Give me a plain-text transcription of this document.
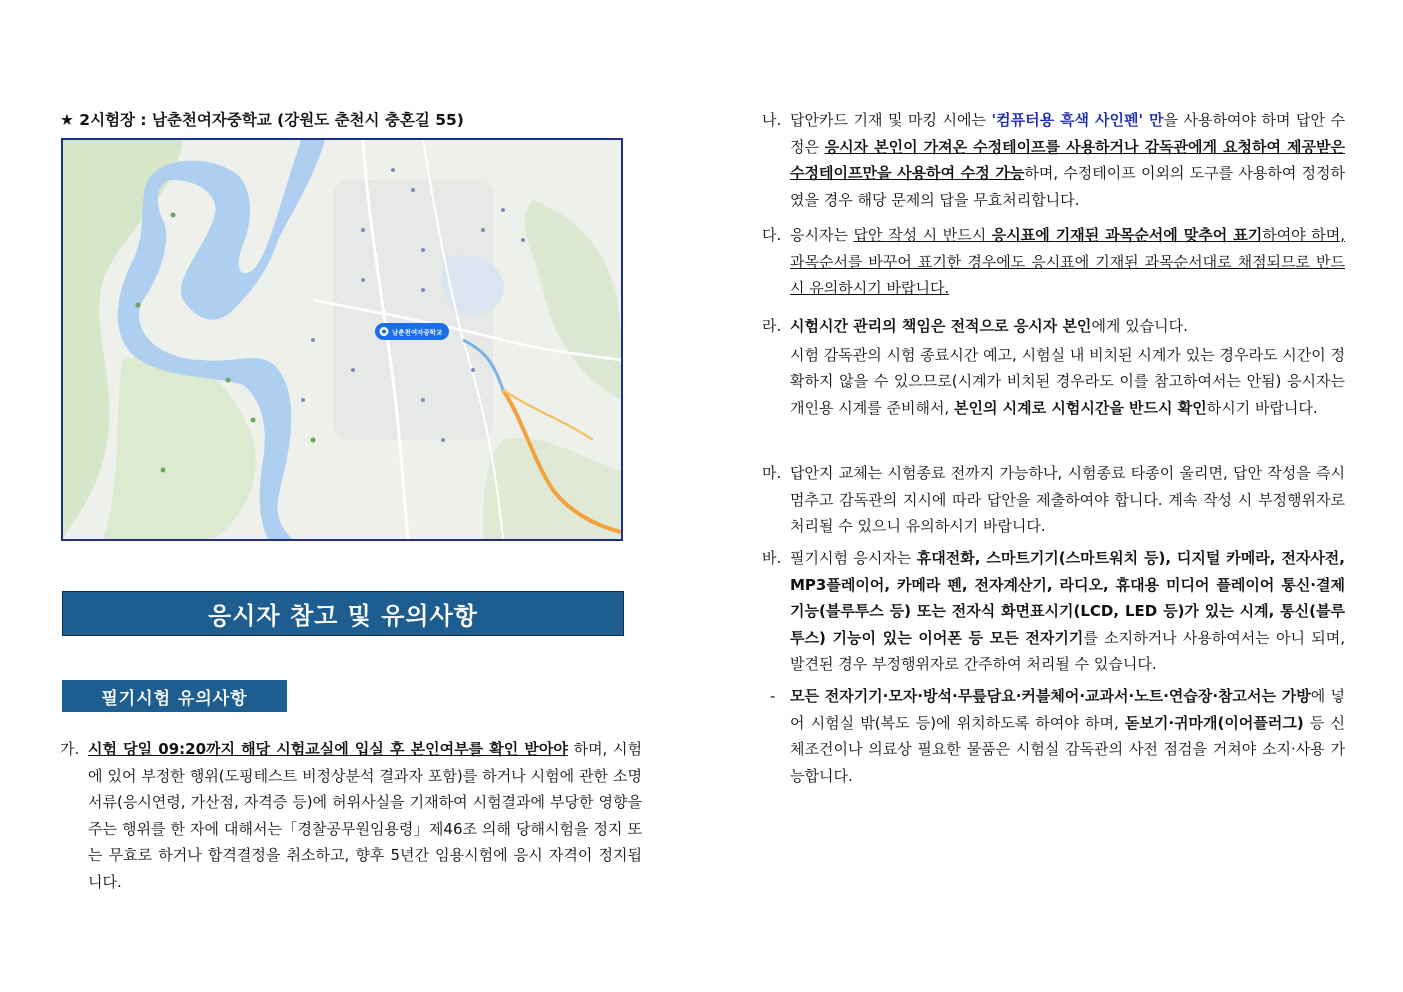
★ 2시험장 : 남춘천여자중학교 (강원도 춘천시 충혼길 55)
남춘천여자중학교
응시자 참고 및 유의사항
필기시험 유의사항
가. 시험 당일 09:20까지 해당 시험교실에 입실 후 본인여부를 확인 받아야 하며, 시험에 있어 부정한 행위(도핑테스트 비정상분석 결과자 포함)를 하거나 시험에 관한 소명서류(응시연령, 가산점, 자격증 등)에 허위사실을 기재하여 시험결과에 부당한 영향을 주는 행위를 한 자에 대해서는「경찰공무원임용령」제46조 의해 당해시험을 정지 또는 무효로 하거나 합격결정을 취소하고, 향후 5년간 임용시험에 응시 자격이 정지됩니다.
나. 답안카드 기재 및 마킹 시에는 '컴퓨터용 흑색 사인펜' 만을 사용하여야 하며 답안 수정은 응시자 본인이 가져온 수정테이프를 사용하거나 감독관에게 요청하여 제공받은 수정테이프만을 사용하여 수정 가능하며, 수정테이프 이외의 도구를 사용하여 정정하였을 경우 해당 문제의 답을 무효처리합니다.
다. 응시자는 답안 작성 시 반드시 응시표에 기재된 과목순서에 맞추어 표기하여야 하며, 과목순서를 바꾸어 표기한 경우에도 응시표에 기재된 과목순서대로 채점되므로 반드시 유의하시기 바랍니다.
라. 시험시간 관리의 책임은 전적으로 응시자 본인에게 있습니다.
시험 감독관의 시험 종료시간 예고, 시험실 내 비치된 시계가 있는 경우라도 시간이 정확하지 않을 수 있으므로(시계가 비치된 경우라도 이를 참고하여서는 안됨) 응시자는 개인용 시계를 준비해서, 본인의 시계로 시험시간을 반드시 확인하시기 바랍니다.
마. 답안지 교체는 시험종료 전까지 가능하나, 시험종료 타종이 울리면, 답안 작성을 즉시 멈추고 감독관의 지시에 따라 답안을 제출하여야 합니다. 계속 작성 시 부정행위자로 처리될 수 있으니 유의하시기 바랍니다.
바. 필기시험 응시자는 휴대전화, 스마트기기(스마트워치 등), 디지털 카메라, 전자사전, MP3플레이어, 카메라 펜, 전자계산기, 라디오, 휴대용 미디어 플레이어 통신·결제 기능(블루투스 등) 또는 전자식 화면표시기(LCD, LED 등)가 있는 시계, 통신(블루투스) 기능이 있는 이어폰 등 모든 전자기기를 소지하거나 사용하여서는 아니 되며, 발견된 경우 부정행위자로 간주하여 처리될 수 있습니다.
- 모든 전자기기·모자·방석·무릎담요·커블체어·교과서·노트·연습장·참고서는 가방에 넣어 시험실 밖(복도 등)에 위치하도록 하여야 하며, 돋보기·귀마개(이어플러그) 등 신체조건이나 의료상 필요한 물품은 시험실 감독관의 사전 점검을 거쳐야 소지·사용 가능합니다.
